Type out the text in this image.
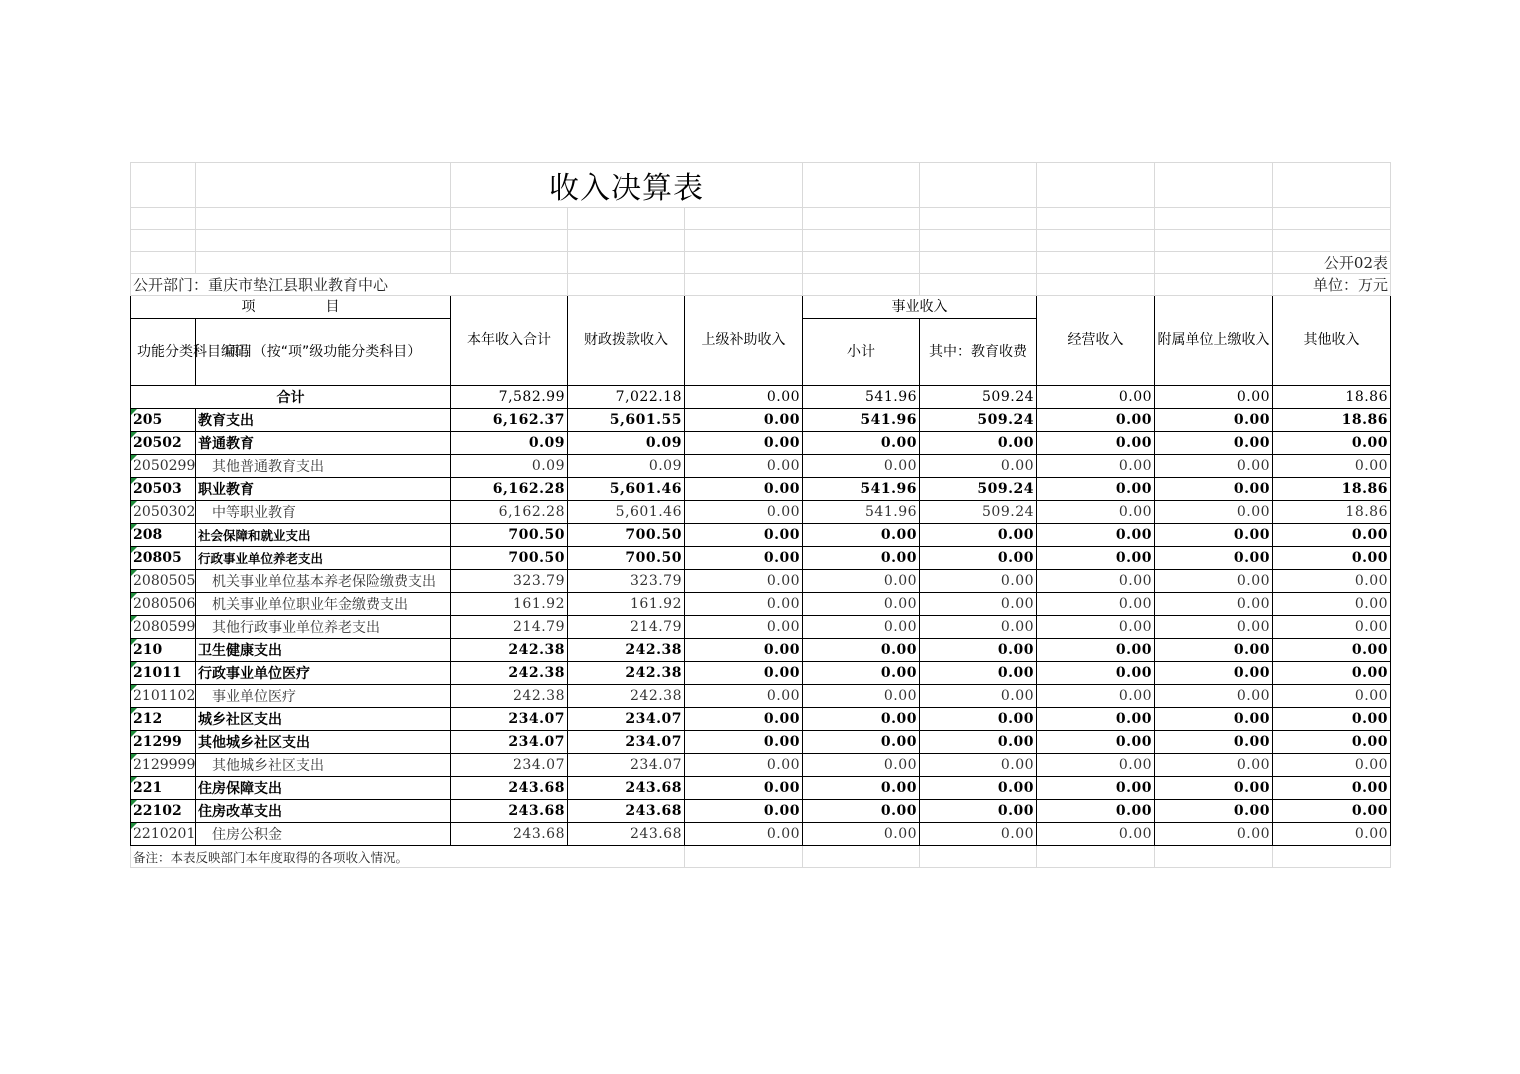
		收入决算表							

									公开02表
公开部门：重庆市垫江县职业教育中心									单位：万元
项　　　　　目		本年收入合计	财政拨款收入	上级补助收入	事业收入		经营收入	附属单位上缴收入	其他收入
功能分类科目编码	项目（按“项”级功能分类科目）				小计	其中：教育收费			
合计		7,582.99	7,022.18	0.00	541.96	509.24	0.00	0.00	18.86
205	教育支出	6,162.37	5,601.55	0.00	541.96	509.24	0.00	0.00	18.86
20502	普通教育	0.09	0.09	0.00	0.00	0.00	0.00	0.00	0.00
2050299	其他普通教育支出	0.09	0.09	0.00	0.00	0.00	0.00	0.00	0.00
20503	职业教育	6,162.28	5,601.46	0.00	541.96	509.24	0.00	0.00	18.86
2050302	中等职业教育	6,162.28	5,601.46	0.00	541.96	509.24	0.00	0.00	18.86
208	社会保障和就业支出	700.50	700.50	0.00	0.00	0.00	0.00	0.00	0.00
20805	行政事业单位养老支出	700.50	700.50	0.00	0.00	0.00	0.00	0.00	0.00
2080505	机关事业单位基本养老保险缴费支出	323.79	323.79	0.00	0.00	0.00	0.00	0.00	0.00
2080506	机关事业单位职业年金缴费支出	161.92	161.92	0.00	0.00	0.00	0.00	0.00	0.00
2080599	其他行政事业单位养老支出	214.79	214.79	0.00	0.00	0.00	0.00	0.00	0.00
210	卫生健康支出	242.38	242.38	0.00	0.00	0.00	0.00	0.00	0.00
21011	行政事业单位医疗	242.38	242.38	0.00	0.00	0.00	0.00	0.00	0.00
2101102	事业单位医疗	242.38	242.38	0.00	0.00	0.00	0.00	0.00	0.00
212	城乡社区支出	234.07	234.07	0.00	0.00	0.00	0.00	0.00	0.00
21299	其他城乡社区支出	234.07	234.07	0.00	0.00	0.00	0.00	0.00	0.00
2129999	其他城乡社区支出	234.07	234.07	0.00	0.00	0.00	0.00	0.00	0.00
221	住房保障支出	243.68	243.68	0.00	0.00	0.00	0.00	0.00	0.00
22102	住房改革支出	243.68	243.68	0.00	0.00	0.00	0.00	0.00	0.00
2210201	住房公积金	243.68	243.68	0.00	0.00	0.00	0.00	0.00	0.00
备注：本表反映部门本年度取得的各项收入情况。									
